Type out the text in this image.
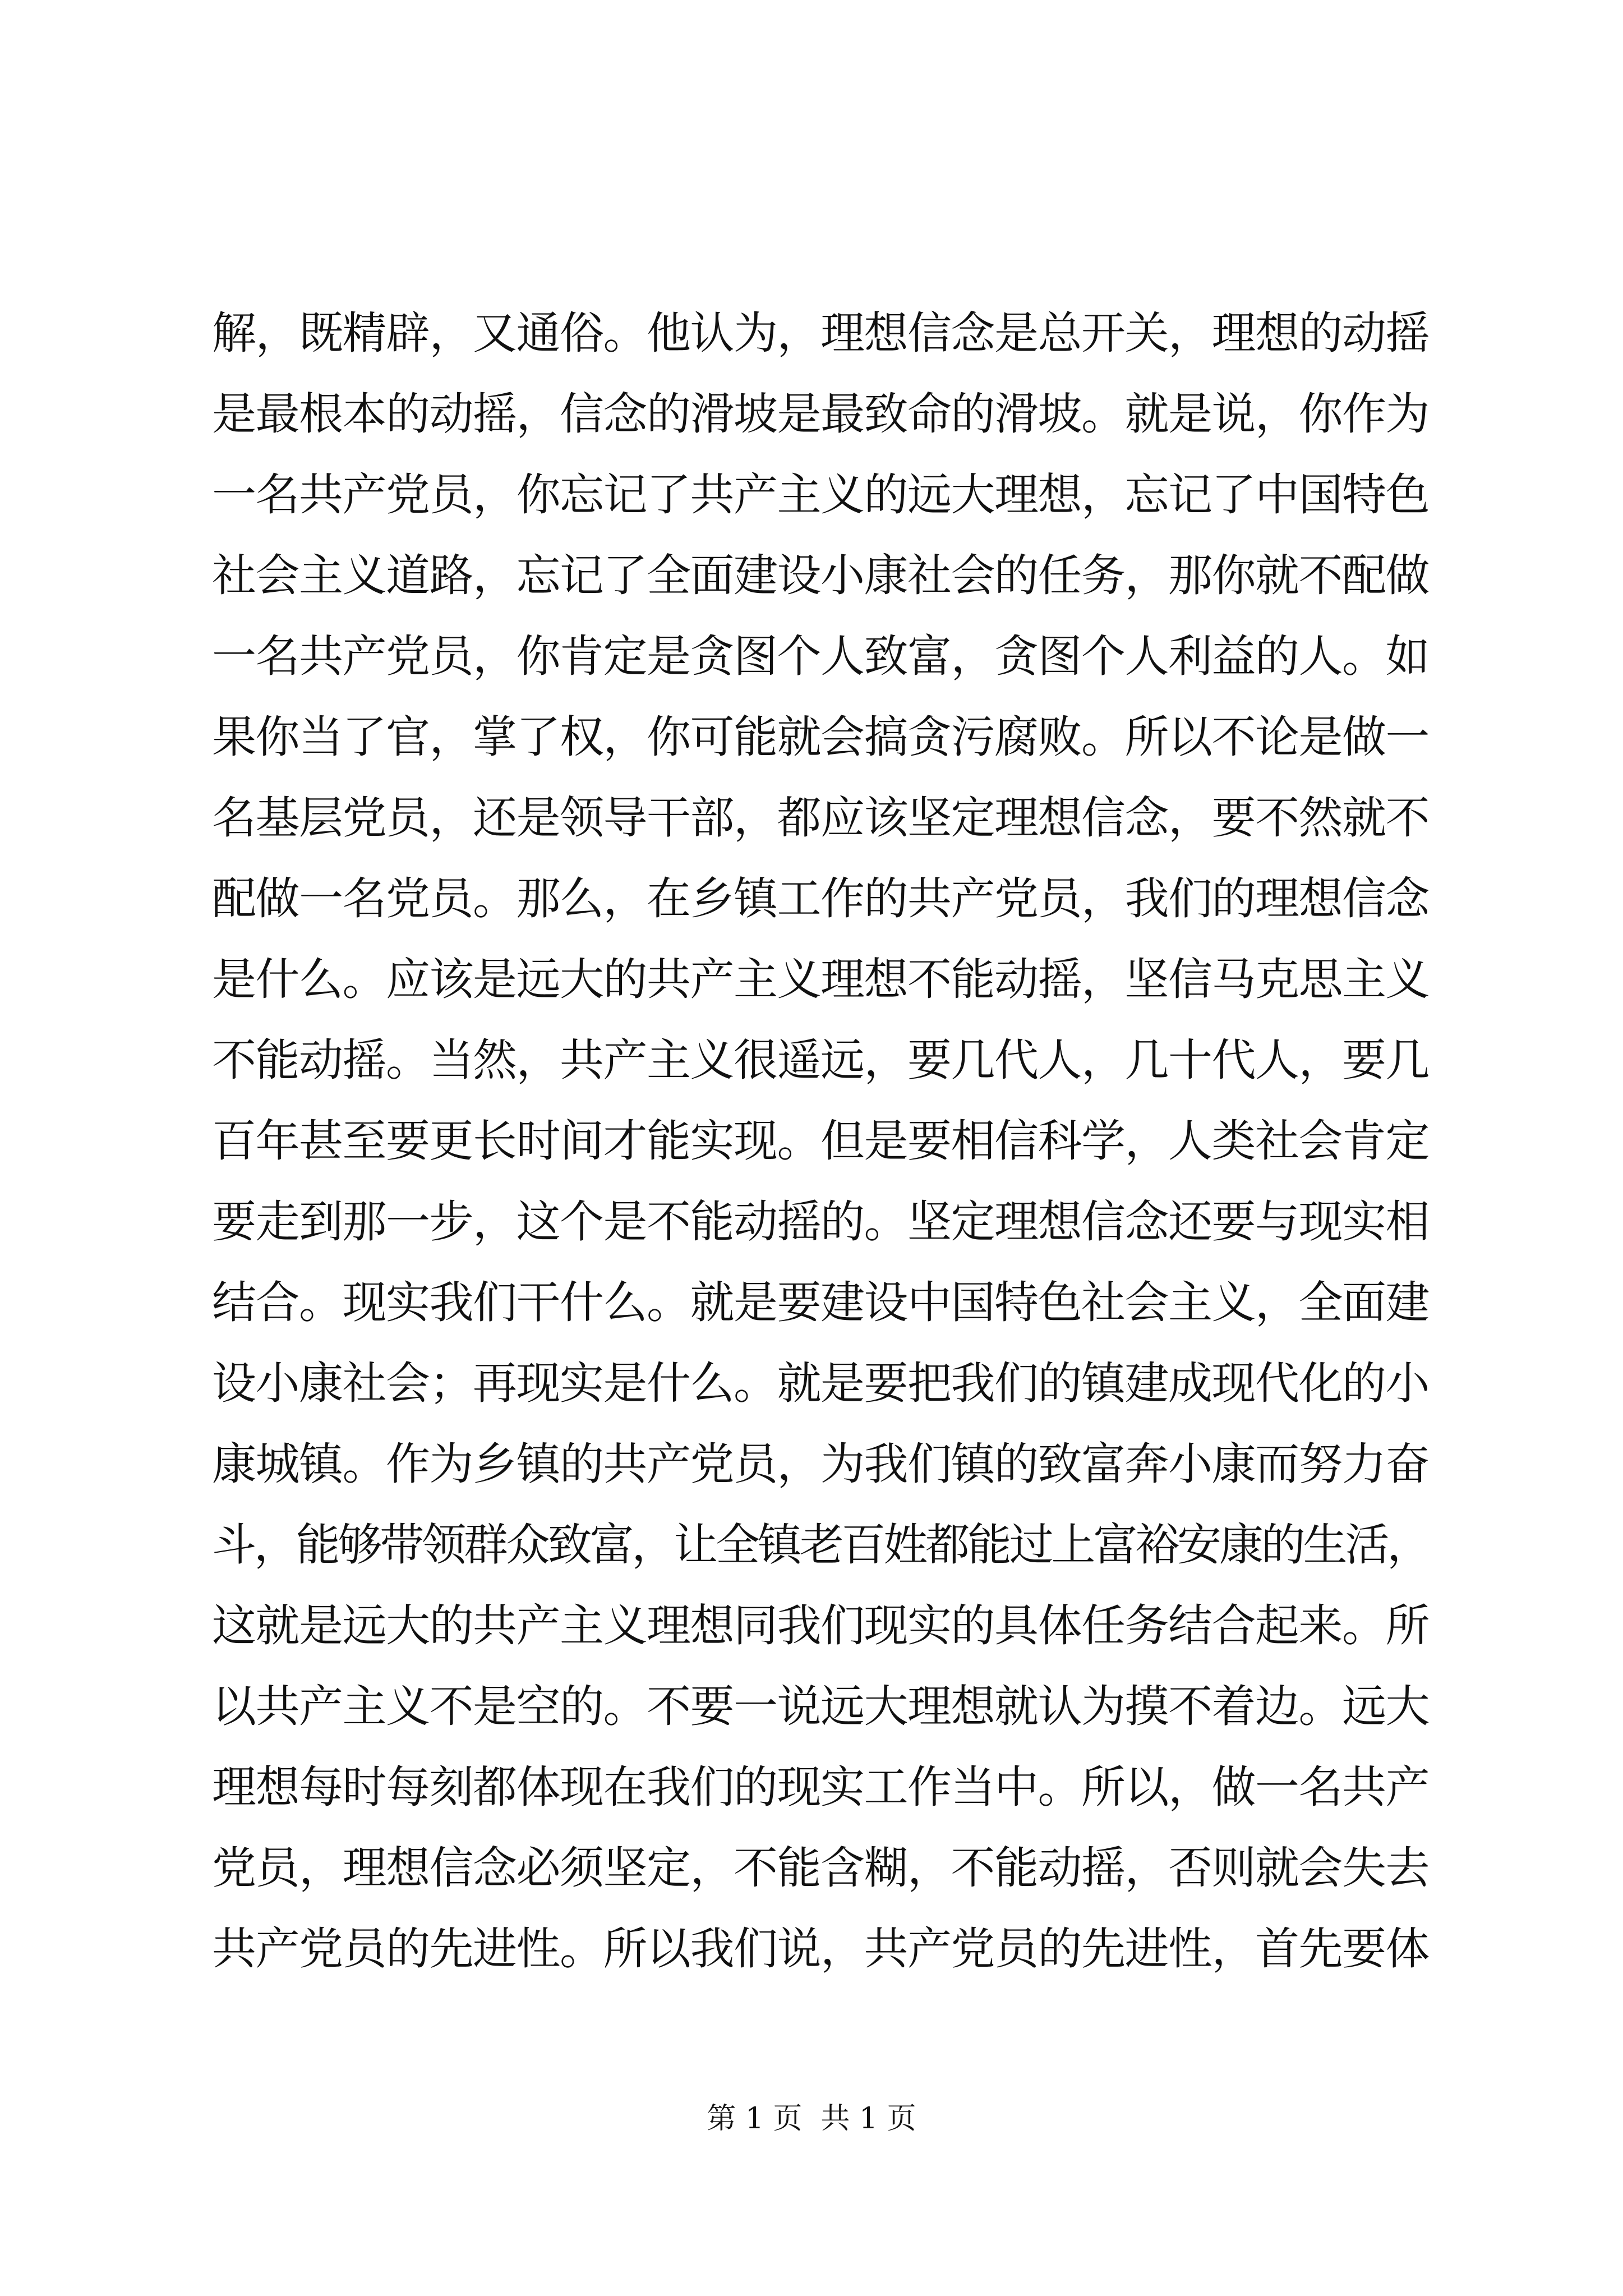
解，既精辟，又通俗。他认为，理想信念是总开关，理想的动摇
是最根本的动摇，信念的滑坡是最致命的滑坡。就是说，你作为
一名共产党员，你忘记了共产主义的远大理想，忘记了中国特色
社会主义道路，忘记了全面建设小康社会的任务，那你就不配做
一名共产党员，你肯定是贪图个人致富，贪图个人利益的人。如
果你当了官，掌了权，你可能就会搞贪污腐败。所以不论是做一
名基层党员，还是领导干部，都应该坚定理想信念，要不然就不
配做一名党员。那么，在乡镇工作的共产党员，我们的理想信念
是什么。应该是远大的共产主义理想不能动摇，坚信马克思主义
不能动摇。当然，共产主义很遥远，要几代人，几十代人，要几
百年甚至要更长时间才能实现。但是要相信科学，人类社会肯定
要走到那一步，这个是不能动摇的。坚定理想信念还要与现实相
结合。现实我们干什么。就是要建设中国特色社会主义，全面建
设小康社会；再现实是什么。就是要把我们的镇建成现代化的小
康城镇。作为乡镇的共产党员，为我们镇的致富奔小康而努力奋
斗，能够带领群众致富，让全镇老百姓都能过上富裕安康的生活，
这就是远大的共产主义理想同我们现实的具体任务结合起来。所
以共产主义不是空的。不要一说远大理想就认为摸不着边。远大
理想每时每刻都体现在我们的现实工作当中。所以，做一名共产
党员，理想信念必须坚定，不能含糊，不能动摇，否则就会失去
共产党员的先进性。所以我们说，共产党员的先进性，首先要体
第 1 页  共 1 页
